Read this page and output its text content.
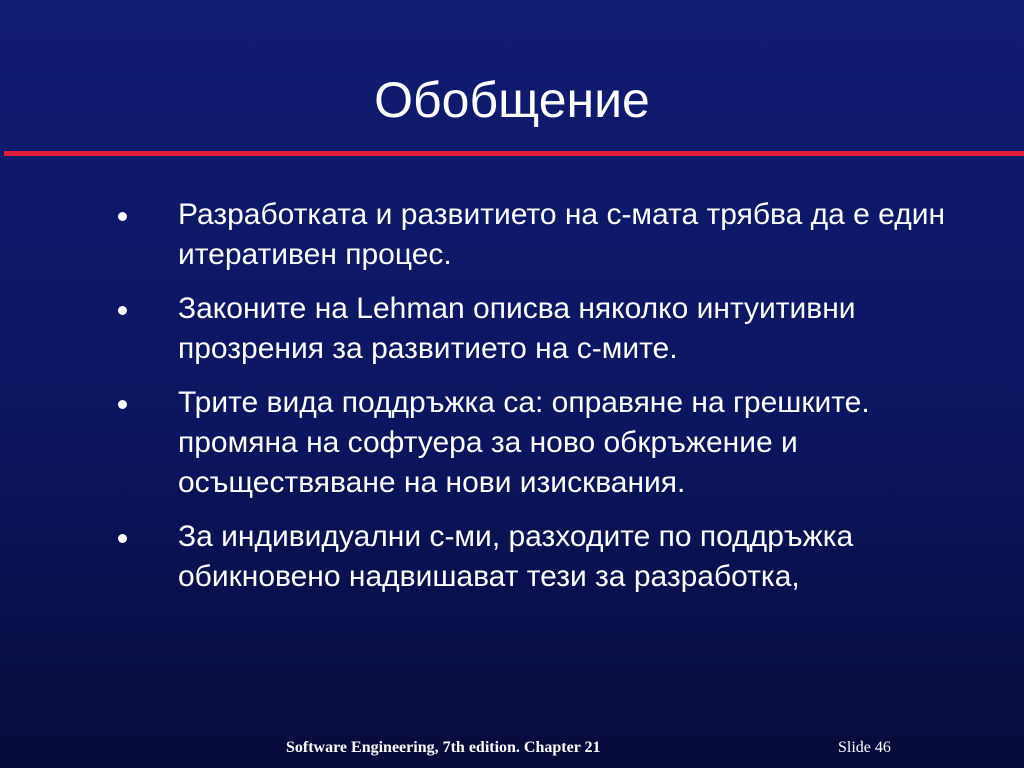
Обобщение
Разработката и развитието на с-мата трябва да е един итеративен процес.
Законите на Lehman описва няколко интуитивни прозрения за развитието на с-мите.
Трите вида поддръжка са: оправяне на грешките. промяна на софтуера за ново обкръжение и осъществяване на нови изисквания.
За индивидуални с-ми, разходите по поддръжка обикновено надвишават тези за разработка,
Software Engineering, 7th edition. Chapter 21	Slide 46
